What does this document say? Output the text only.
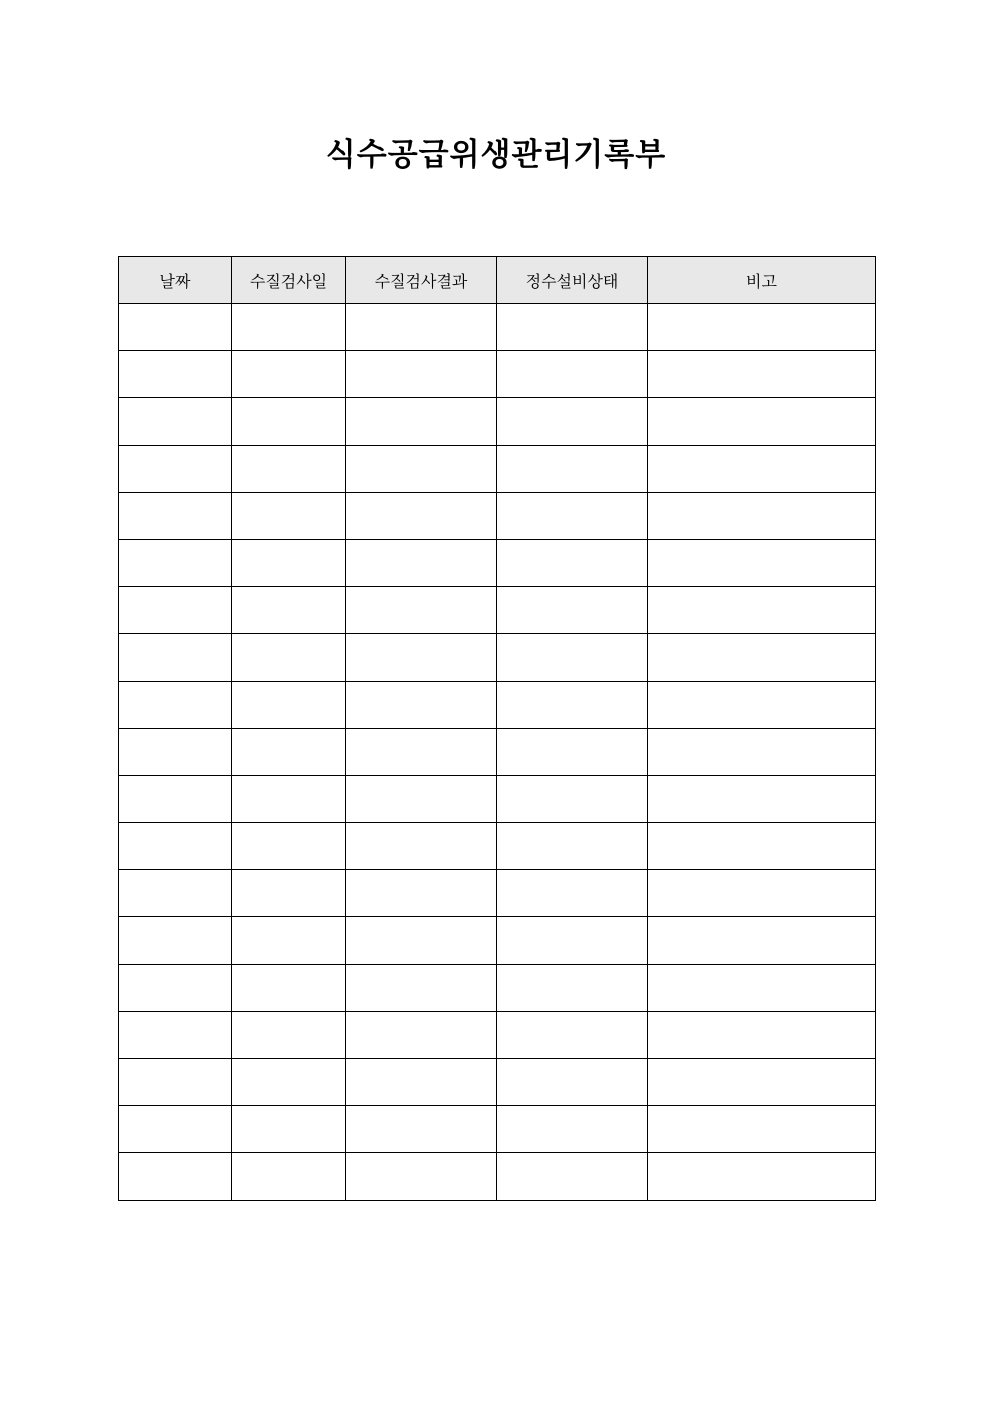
식수공급위생관리기록부
날짜	수질검사일	수질검사결과	정수설비상태	비고
